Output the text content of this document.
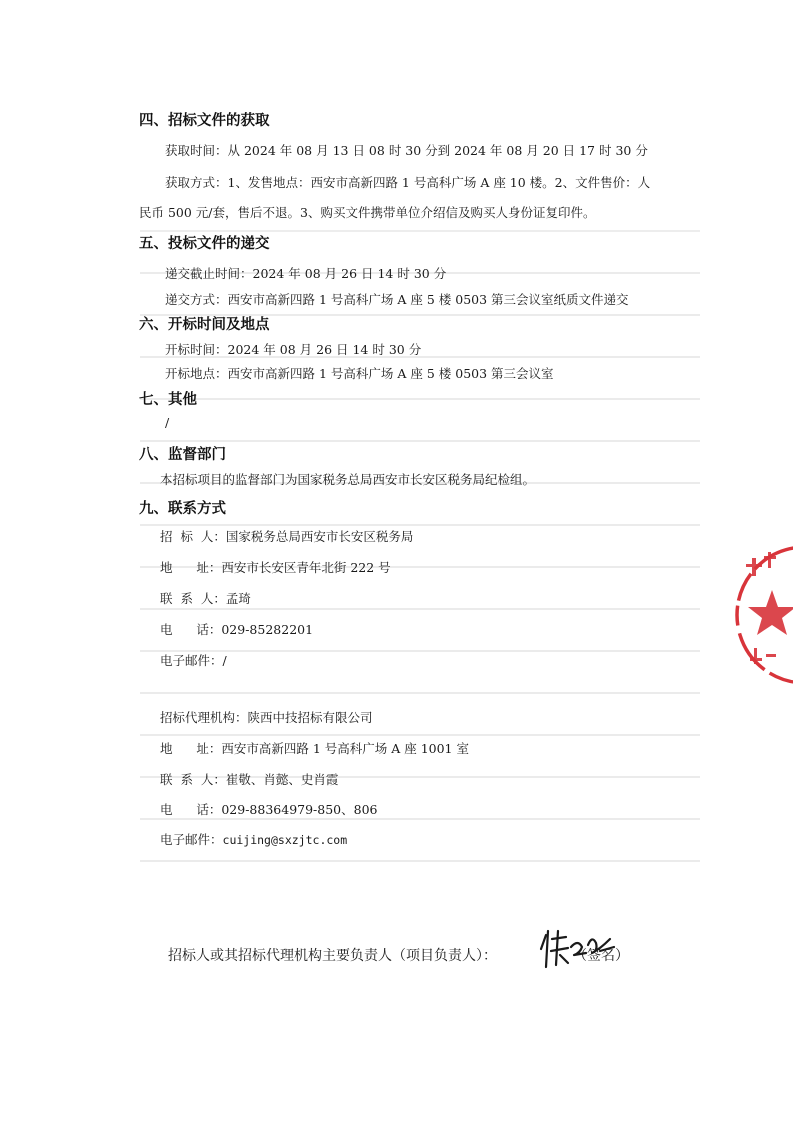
四、招标文件的获取
获取时间：从 2024 年 08 月 13 日 08 时 30 分到 2024 年 08 月 20 日 17 时 30 分
获取方式：1、发售地点：西安市高新四路 1 号高科广场 A 座 10 楼。2、文件售价：人
民币 500 元/套，售后不退。3、购买文件携带单位介绍信及购买人身份证复印件。
五、投标文件的递交
递交截止时间：2024 年 08 月 26 日 14 时 30 分
递交方式：西安市高新四路 1 号高科广场 A 座 5 楼 0503 第三会议室纸质文件递交
六、开标时间及地点
开标时间：2024 年 08 月 26 日 14 时 30 分
开标地点：西安市高新四路 1 号高科广场 A 座 5 楼 0503 第三会议室
七、其他
/
八、监督部门
本招标项目的监督部门为国家税务总局西安市长安区税务局纪检组。
九、联系方式
招  标  人：国家税务总局西安市长安区税务局
地      址：西安市长安区青年北街 222 号
联  系  人：孟琦
电      话：029-85282201
电子邮件：/
招标代理机构：陕西中技招标有限公司
地      址：西安市高新四路 1 号高科广场 A 座 1001 室
联  系  人：崔敬、肖懿、史肖霞
电      话：029-88364979-850、806
电子邮件：cuijing@sxzjtc.com
招标人或其招标代理机构主要负责人（项目负责人）：	（签名）
